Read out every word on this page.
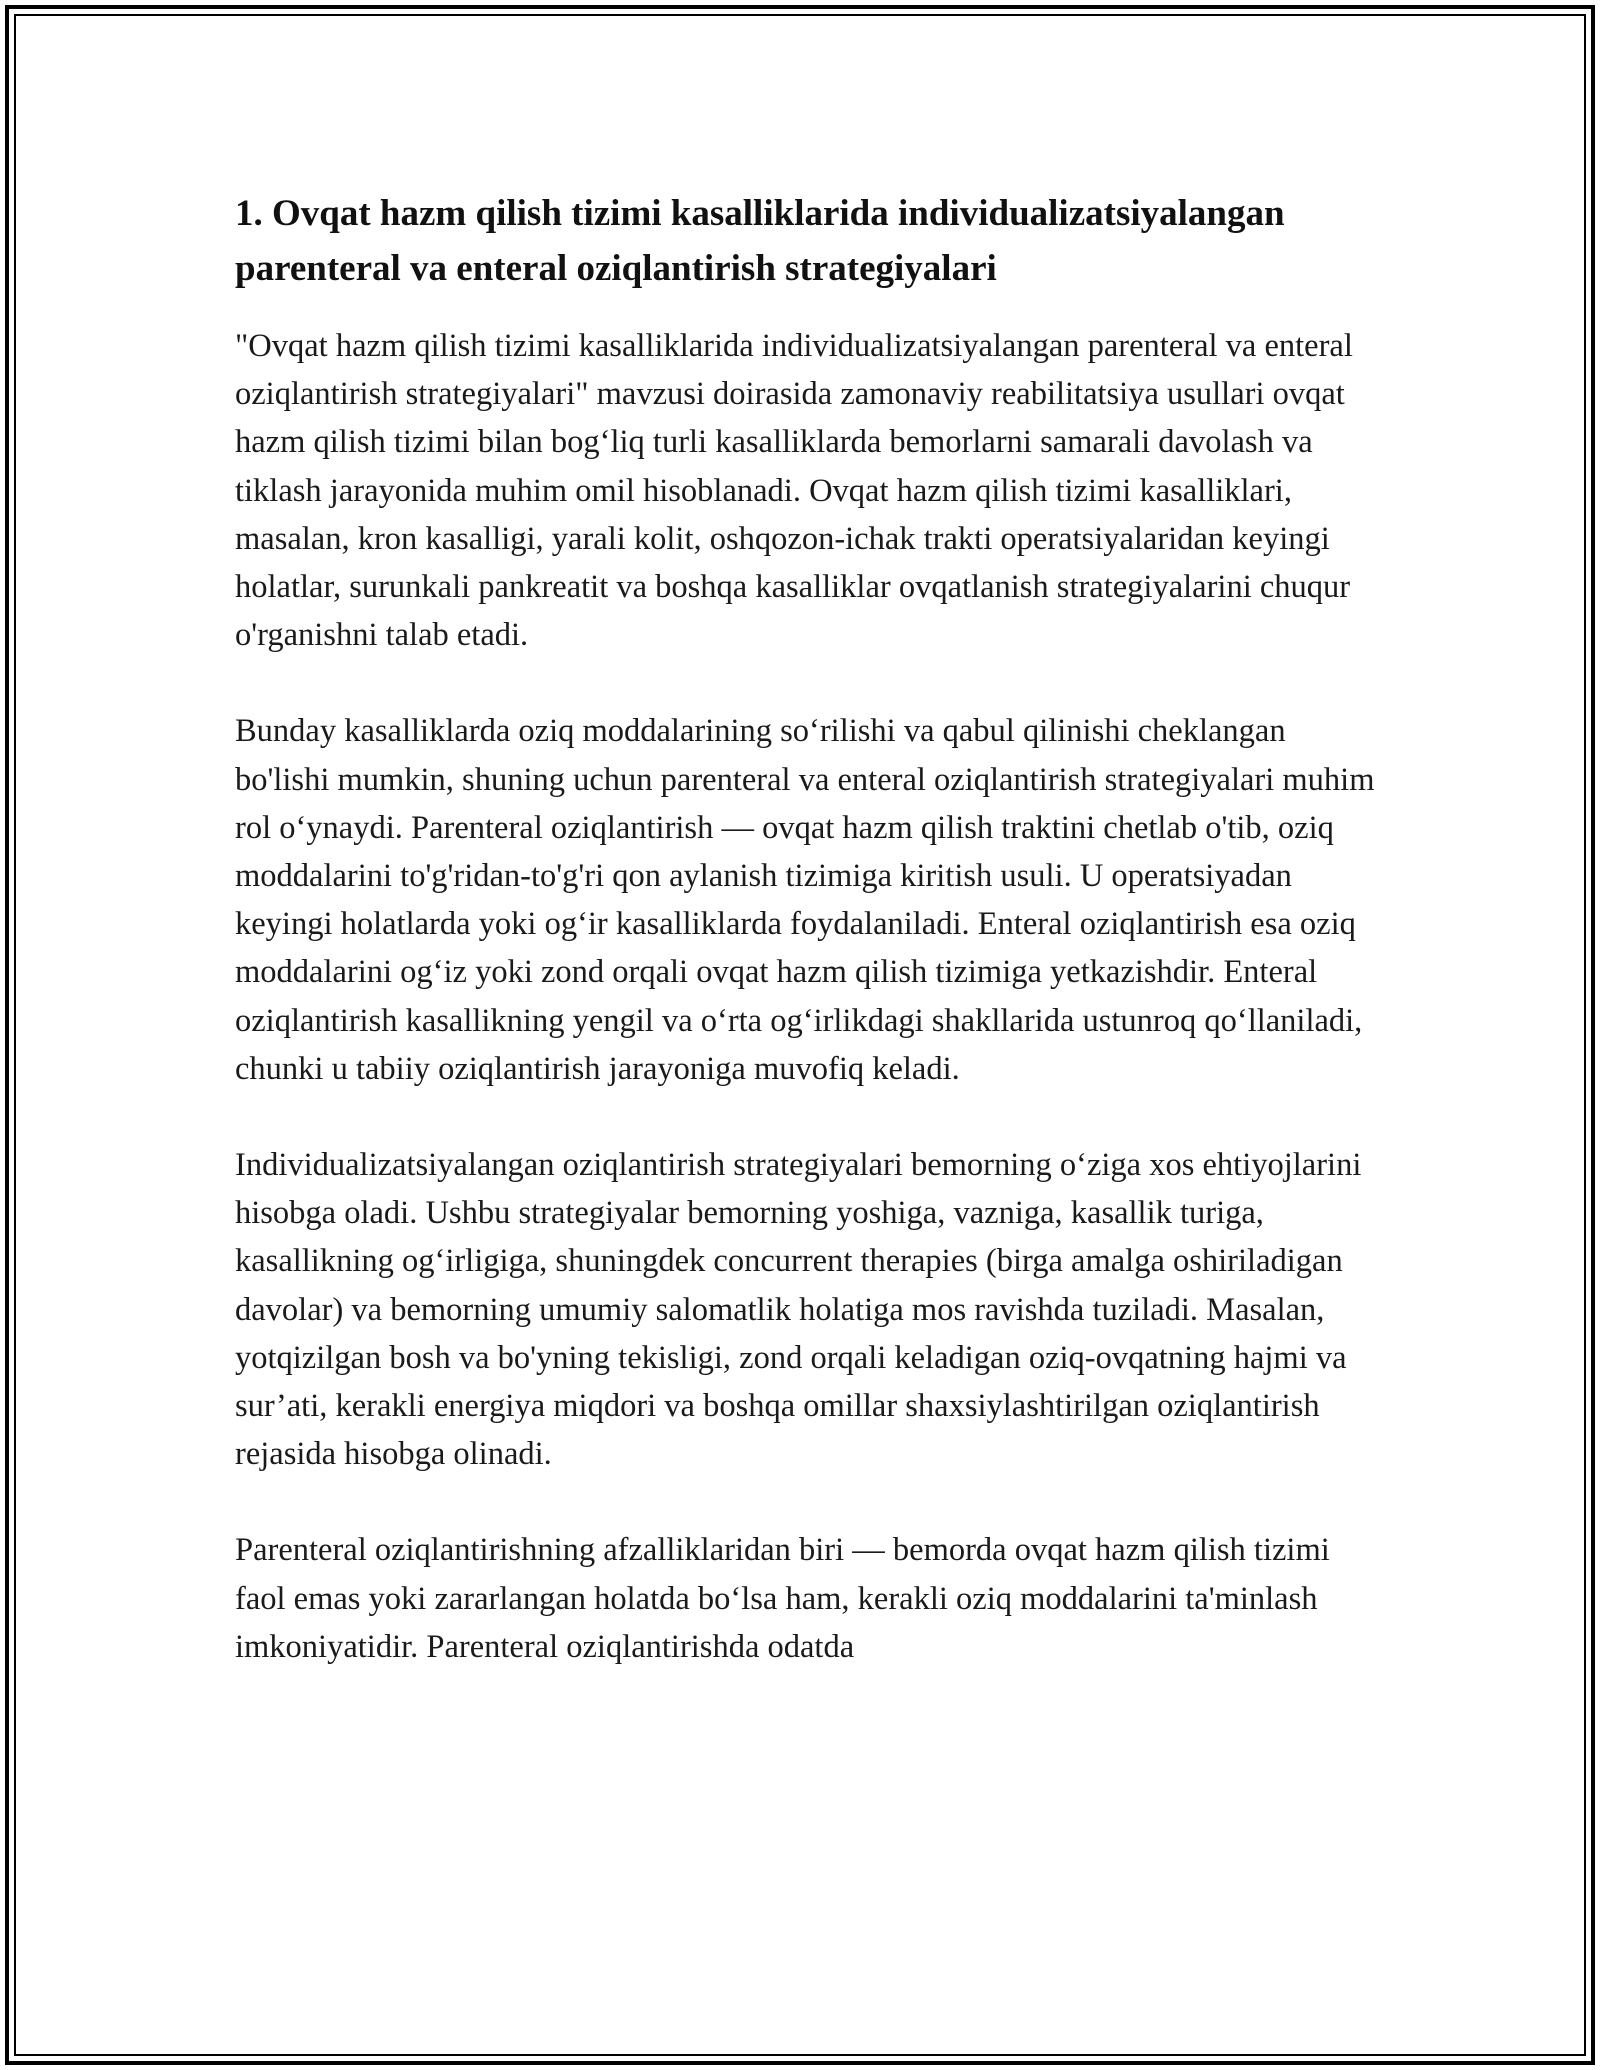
1. Ovqat hazm qilish tizimi kasalliklarida individualizatsiyalangan parenteral va enteral oziqlantirish strategiyalari

"Ovqat hazm qilish tizimi kasalliklarida individualizatsiyalangan parenteral va enteral oziqlantirish strategiyalari" mavzusi doirasida zamonaviy reabilitatsiya usullari ovqat hazm qilish tizimi bilan bog‘liq turli kasalliklarda bemorlarni samarali davolash va tiklash jarayonida muhim omil hisoblanadi. Ovqat hazm qilish tizimi kasalliklari, masalan, kron kasalligi, yarali kolit, oshqozon-ichak trakti operatsiyalaridan keyingi holatlar, surunkali pankreatit va boshqa kasalliklar ovqatlanish strategiyalarini chuqur o'rganishni talab etadi.

Bunday kasalliklarda oziq moddalarining so‘rilishi va qabul qilinishi cheklangan bo'lishi mumkin, shuning uchun parenteral va enteral oziqlantirish strategiyalari muhim rol o‘ynaydi. Parenteral oziqlantirish — ovqat hazm qilish traktini chetlab o'tib, oziq moddalarini to'g'ridan-to'g'ri qon aylanish tizimiga kiritish usuli. U operatsiyadan keyingi holatlarda yoki og‘ir kasalliklarda foydalaniladi. Enteral oziqlantirish esa oziq moddalarini og‘iz yoki zond orqali ovqat hazm qilish tizimiga yetkazishdir. Enteral oziqlantirish kasallikning yengil va o‘rta og‘irlikdagi shakllarida ustunroq qo‘llaniladi, chunki u tabiiy oziqlantirish jarayoniga muvofiq keladi.

Individualizatsiyalangan oziqlantirish strategiyalari bemorning o‘ziga xos ehtiyojlarini hisobga oladi. Ushbu strategiyalar bemorning yoshiga, vazniga, kasallik turiga, kasallikning og‘irligiga, shuningdek concurrent therapies (birga amalga oshiriladigan davolar) va bemorning umumiy salomatlik holatiga mos ravishda tuziladi. Masalan, yotqizilgan bosh va bo'yning tekisligi, zond orqali keladigan oziq-ovqatning hajmi va sur’ati, kerakli energiya miqdori va boshqa omillar shaxsiylashtirilgan oziqlantirish rejasida hisobga olinadi.

Parenteral oziqlantirishning afzalliklaridan biri — bemorda ovqat hazm qilish tizimi faol emas yoki zararlangan holatda bo‘lsa ham, kerakli oziq moddalarini ta'minlash imkoniyatidir. Parenteral oziqlantirishda odatda
